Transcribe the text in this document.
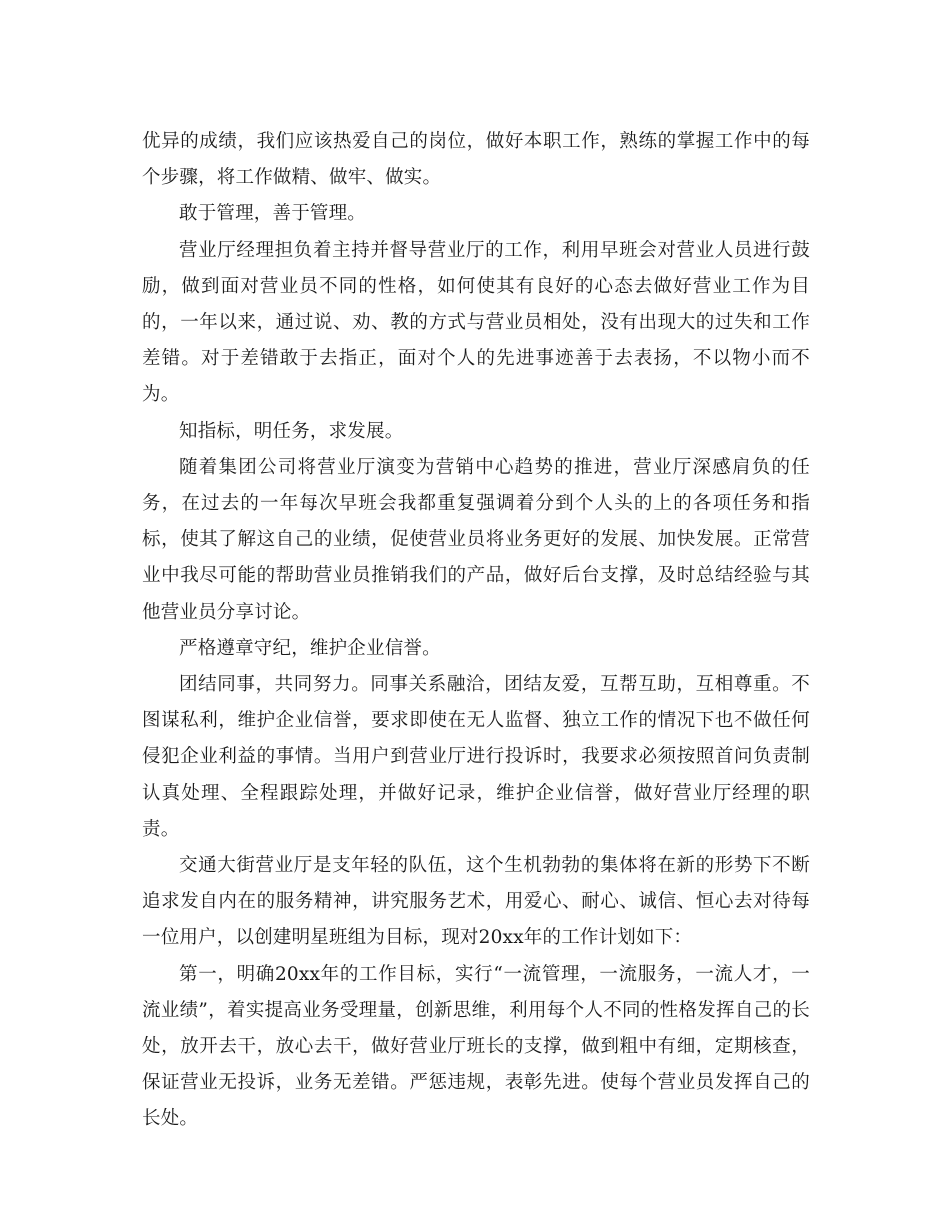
优异的成绩，我们应该热爱自己的岗位，做好本职工作，熟练的掌握工作中的每个步骤，将工作做精、做牢、做实。

敢于管理，善于管理。

营业厅经理担负着主持并督导营业厅的工作，利用早班会对营业人员进行鼓励，做到面对营业员不同的性格，如何使其有良好的心态去做好营业工作为目的，一年以来，通过说、劝、教的方式与营业员相处，没有出现大的过失和工作差错。对于差错敢于去指正，面对个人的先进事迹善于去表扬，不以物小而不为。

知指标，明任务，求发展。

随着集团公司将营业厅演变为营销中心趋势的推进，营业厅深感肩负的任务，在过去的一年每次早班会我都重复强调着分到个人头的上的各项任务和指标，使其了解这自己的业绩，促使营业员将业务更好的发展、加快发展。正常营业中我尽可能的帮助营业员推销我们的产品，做好后台支撑，及时总结经验与其他营业员分享讨论。

严格遵章守纪，维护企业信誉。

团结同事，共同努力。同事关系融洽，团结友爱，互帮互助，互相尊重。不图谋私利，维护企业信誉，要求即使在无人监督、独立工作的情况下也不做任何侵犯企业利益的事情。当用户到营业厅进行投诉时，我要求必须按照首问负责制认真处理、全程跟踪处理，并做好记录，维护企业信誉，做好营业厅经理的职责。

交通大街营业厅是支年轻的队伍，这个生机勃勃的集体将在新的形势下不断追求发自内在的服务精神，讲究服务艺术，用爱心、耐心、诚信、恒心去对待每一位用户，以创建明星班组为目标，现对20xx年的工作计划如下：

第一，明确20xx年的工作目标，实行“一流管理，一流服务，一流人才，一流业绩”，着实提高业务受理量，创新思维，利用每个人不同的性格发挥自己的长处，放开去干，放心去干，做好营业厅班长的支撑，做到粗中有细，定期核查，保证营业无投诉，业务无差错。严惩违规，表彰先进。使每个营业员发挥自己的长处。
